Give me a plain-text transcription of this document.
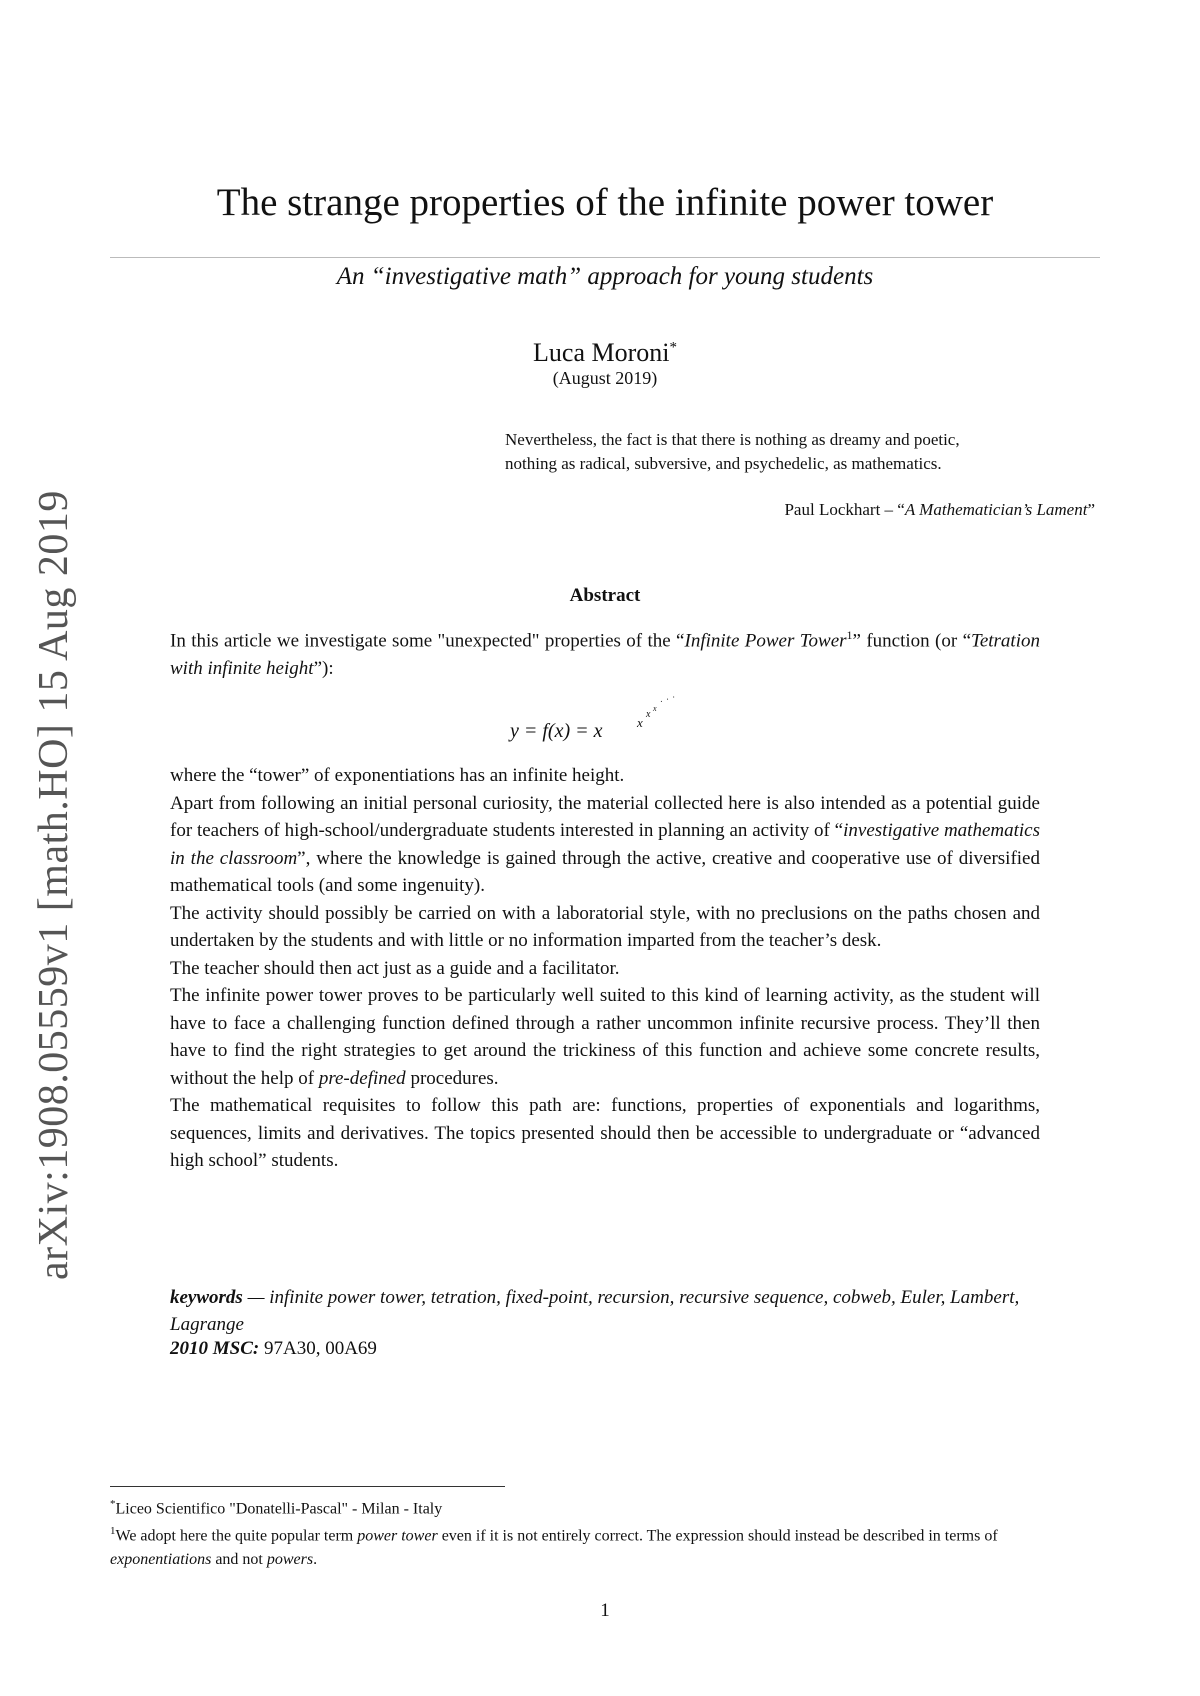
arXiv:1908.05559v1 [math.HO] 15 Aug 2019
The strange properties of the infinite power tower
An “investigative math” approach for young students
Luca Moroni*
(August 2019)
Nevertheless, the fact is that there is nothing as dreamy and poetic,
nothing as radical, subversive, and psychedelic, as mathematics.
Paul Lockhart – “A Mathematician’s Lament”
Abstract

In this article we investigate some "unexpected" properties of the “Infinite Power Tower$^1$” function (or “Tetration with infinite height”):

y = f(x) = x	x
x
x
· · ·

where the “tower” of exponentiations has an infinite height.

Apart from following an initial personal curiosity, the material collected here is also intended as a potential guide for teachers of high-school/undergraduate students interested in planning an activity of “investigative mathematics in the classroom”, where the knowledge is gained through the active, creative and cooperative use of diversified mathematical tools (and some ingenuity).

The activity should possibly be carried on with a laboratorial style, with no preclusions on the paths chosen and undertaken by the students and with little or no information imparted from the teacher’s desk.

The teacher should then act just as a guide and a facilitator.

The infinite power tower proves to be particularly well suited to this kind of learning activity, as the student will have to face a challenging function defined through a rather uncommon infinite recursive process. They’ll then have to find the right strategies to get around the trickiness of this function and achieve some concrete results, without the help of pre-defined procedures.

The mathematical requisites to follow this path are: functions, properties of exponentials and logarithms, sequences, limits and derivatives. The topics presented should then be accessible to undergraduate or “advanced high school” students.

keywords — infinite power tower, tetration, fixed-point, recursion, recursive sequence, cobweb, Euler, Lambert, Lagrange
2010 MSC: 97A30, 00A69

*Liceo Scientifico "Donatelli-Pascal" - Milan - Italy

$^1$We adopt here the quite popular term power tower even if it is not entirely correct. The expression should instead be described in terms of exponentiations and not powers.

1
